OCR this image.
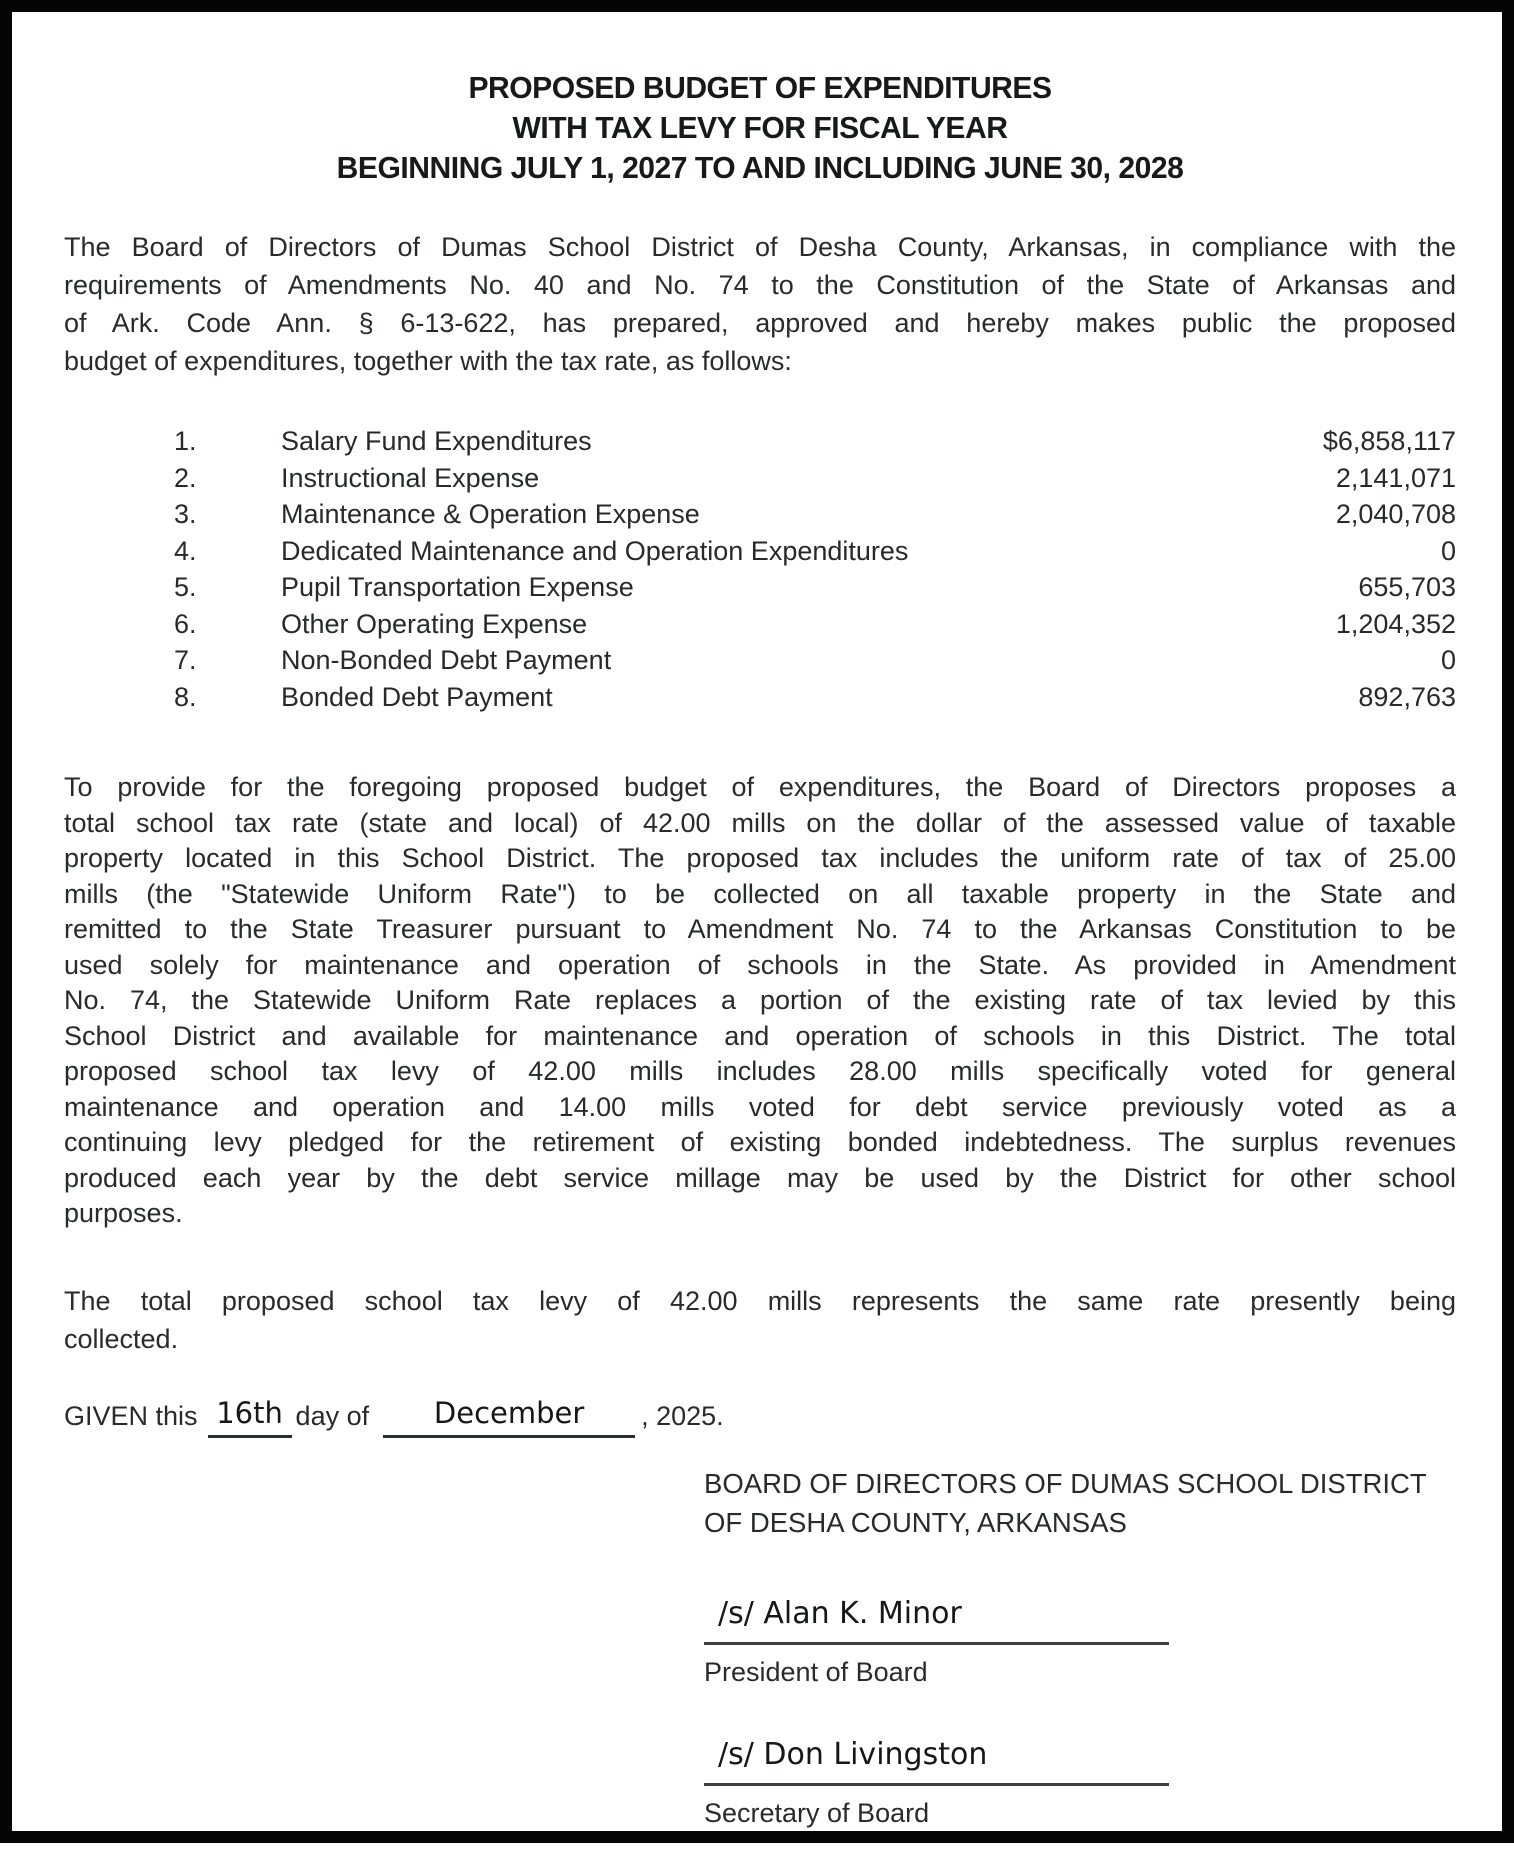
PROPOSED BUDGET OF EXPENDITURES
WITH TAX LEVY FOR FISCAL YEAR
BEGINNING JULY 1, 2027 TO AND INCLUDING JUNE 30, 2028
The Board of Directors of Dumas School District of Desha County, Arkansas, in compliance with the
requirements of Amendments No. 40 and No. 74 to the Constitution of the State of Arkansas and
of Ark. Code Ann. § 6-13-622, has prepared, approved and hereby makes public the proposed
budget of expenditures, together with the tax rate, as follows:
1.	Salary Fund Expenditures	$6,858,117
2.	Instructional Expense	2,141,071
3.	Maintenance & Operation Expense	2,040,708
4.	Dedicated Maintenance and Operation Expenditures	0
5.	Pupil Transportation Expense	655,703
6.	Other Operating Expense	1,204,352
7.	Non-Bonded Debt Payment	0
8.	Bonded Debt Payment	892,763
To provide for the foregoing proposed budget of expenditures, the Board of Directors proposes a
total school tax rate (state and local) of 42.00 mills on the dollar of the assessed value of taxable
property located in this School District. The proposed tax includes the uniform rate of tax of 25.00
mills (the "Statewide Uniform Rate") to be collected on all taxable property in the State and
remitted to the State Treasurer pursuant to Amendment No. 74 to the Arkansas Constitution to be
used solely for maintenance and operation of schools in the State. As provided in Amendment
No. 74, the Statewide Uniform Rate replaces a portion of the existing rate of tax levied by this
School District and available for maintenance and operation of schools in this District. The total
proposed school tax levy of 42.00 mills includes 28.00 mills specifically voted for general
maintenance and operation and 14.00 mills voted for debt service previously voted as a
continuing levy pledged for the retirement of existing bonded indebtedness. The surplus revenues
produced each year by the debt service millage may be used by the District for other school
purposes.
The total proposed school tax levy of 42.00 mills represents the same rate presently being
collected.
GIVEN this 16th day of	December	, 2025.
BOARD OF DIRECTORS OF DUMAS SCHOOL DISTRICT
OF DESHA COUNTY, ARKANSAS
/s/ Alan K. Minor
President of Board
/s/ Don Livingston
Secretary of Board
